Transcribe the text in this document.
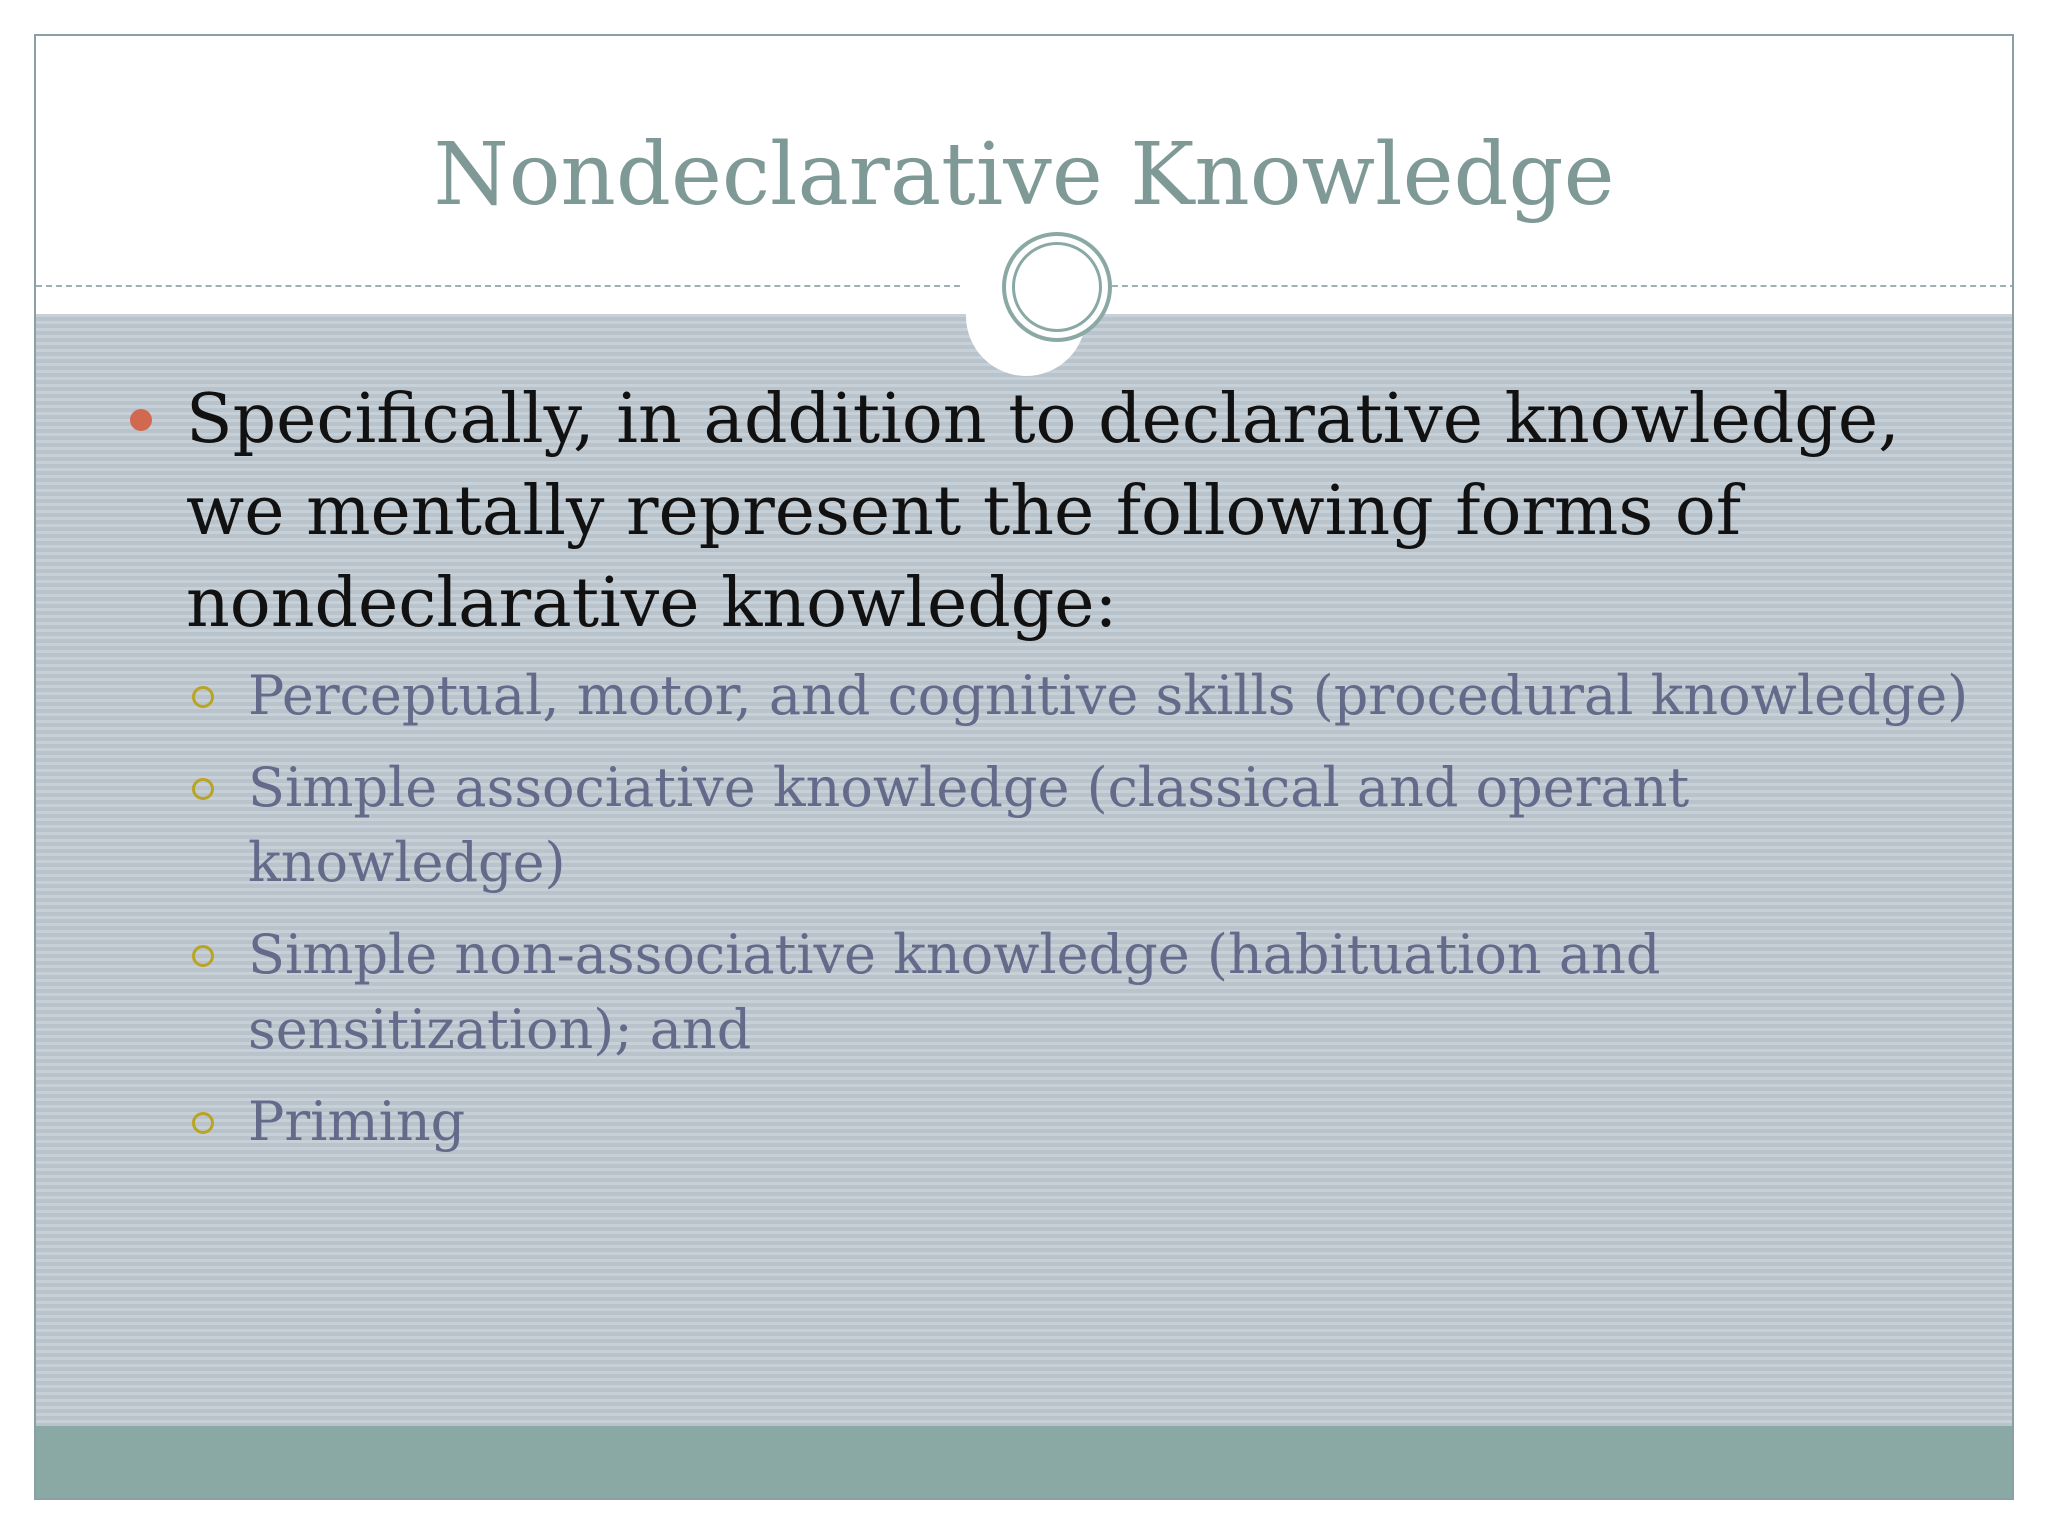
Nondeclarative Knowledge
Specifically, in addition to declarative knowledge, we mentally represent the following forms of nondeclarative knowledge:
Perceptual, motor, and cognitive skills (procedural knowledge)
Simple associative knowledge (classical and operant knowledge)
Simple non-associative knowledge (habituation and sensitization); and
Priming
